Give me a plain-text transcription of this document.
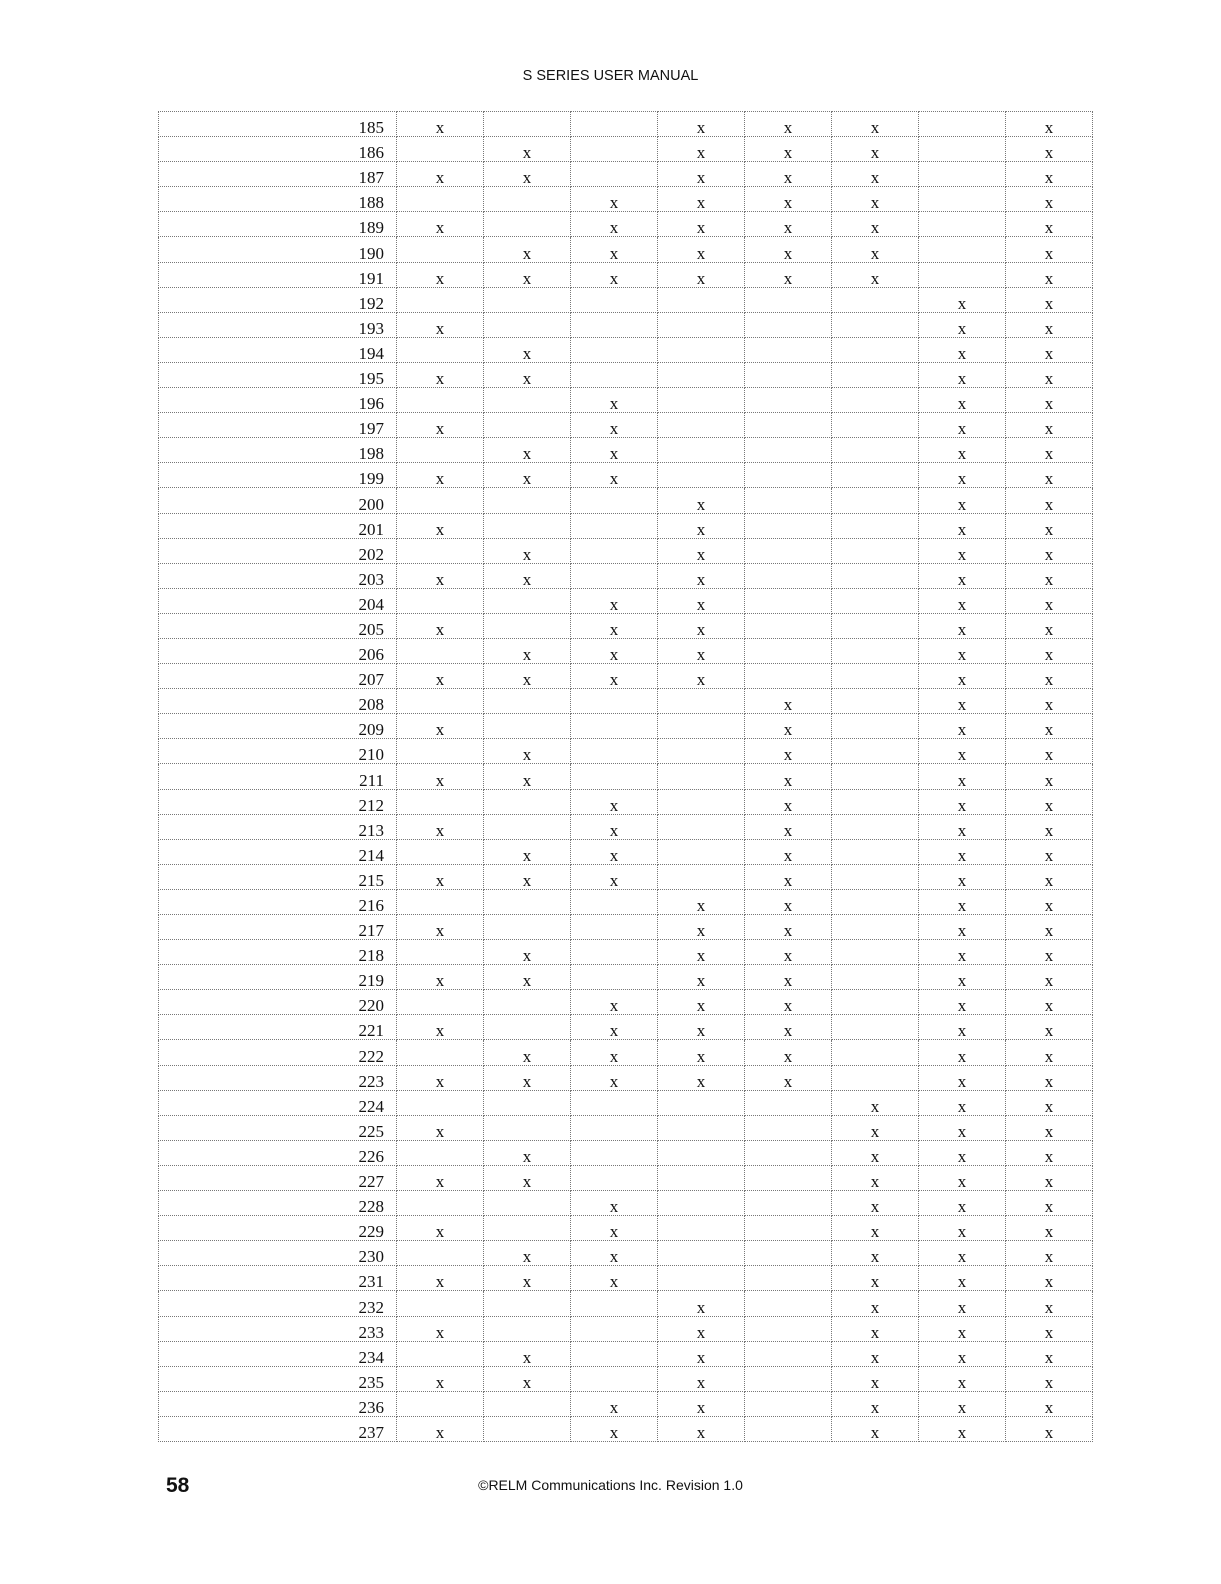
S SERIES USER MANUAL
185	x			x	x	x		x
186		x		x	x	x		x
187	x	x		x	x	x		x
188			x	x	x	x		x
189	x		x	x	x	x		x
190		x	x	x	x	x		x
191	x	x	x	x	x	x		x
192							x	x
193	x						x	x
194		x					x	x
195	x	x					x	x
196			x				x	x
197	x		x				x	x
198		x	x				x	x
199	x	x	x				x	x
200				x			x	x
201	x			x			x	x
202		x		x			x	x
203	x	x		x			x	x
204			x	x			x	x
205	x		x	x			x	x
206		x	x	x			x	x
207	x	x	x	x			x	x
208					x		x	x
209	x				x		x	x
210		x			x		x	x
211	x	x			x		x	x
212			x		x		x	x
213	x		x		x		x	x
214		x	x		x		x	x
215	x	x	x		x		x	x
216				x	x		x	x
217	x			x	x		x	x
218		x		x	x		x	x
219	x	x		x	x		x	x
220			x	x	x		x	x
221	x		x	x	x		x	x
222		x	x	x	x		x	x
223	x	x	x	x	x		x	x
224						x	x	x
225	x					x	x	x
226		x				x	x	x
227	x	x				x	x	x
228			x			x	x	x
229	x		x			x	x	x
230		x	x			x	x	x
231	x	x	x			x	x	x
232				x		x	x	x
233	x			x		x	x	x
234		x		x		x	x	x
235	x	x		x		x	x	x
236			x	x		x	x	x
237	x		x	x		x	x	x
58	©RELM Communications Inc. Revision 1.0
